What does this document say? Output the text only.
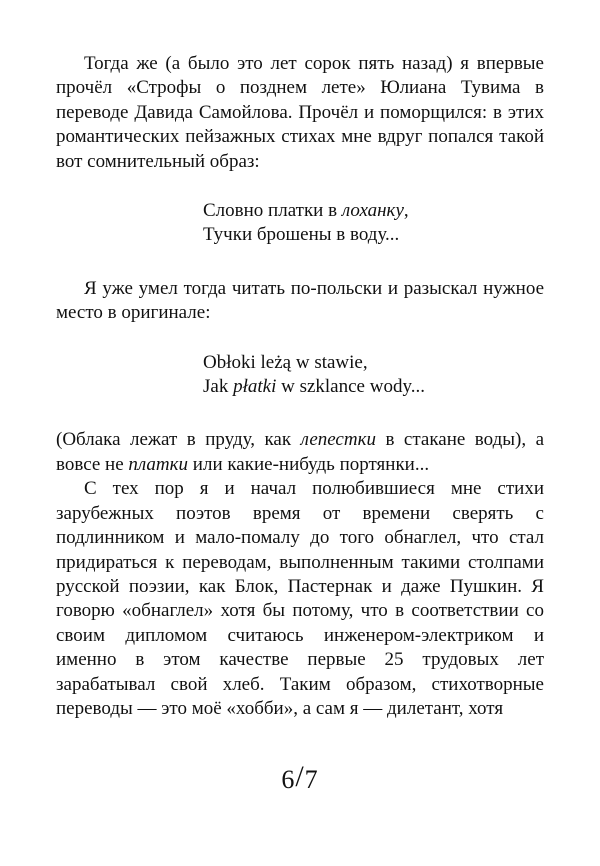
Тогда же (а было это лет сорок пять назад) я впервые прочёл «Строфы о позднем лете» Юлиана Тувима в переводе Давида Самойлова. Прочёл и поморщился: в этих романтических пейзажных стихах мне вдруг попался такой вот сомнительный образ:

Словно платки в лоханку,
Тучки брошены в воду...

Я уже умел тогда читать по-польски и разыскал нужное место в оригинале:

Obłoki leżą w stawie,
Jak płatki w szklance wody...

(Облака лежат в пруду, как лепестки в стакане воды), а вовсе не платки или какие-нибудь портянки...

С тех пор я и начал полюбившиеся мне стихи зарубежных поэтов время от времени сверять с подлинником и мало-помалу до того обнаглел, что стал придираться к переводам, выполненным такими столпами русской поэзии, как Блок, Пастернак и даже Пушкин. Я говорю «обнаглел» хотя бы потому, что в соответствии со своим дипломом считаюсь инженером-электриком и именно в этом качестве первые 25 трудовых лет зарабатывал свой хлеб. Таким образом, стихотворные переводы — это моё «хобби», а сам я — дилетант, хотя

6/7
